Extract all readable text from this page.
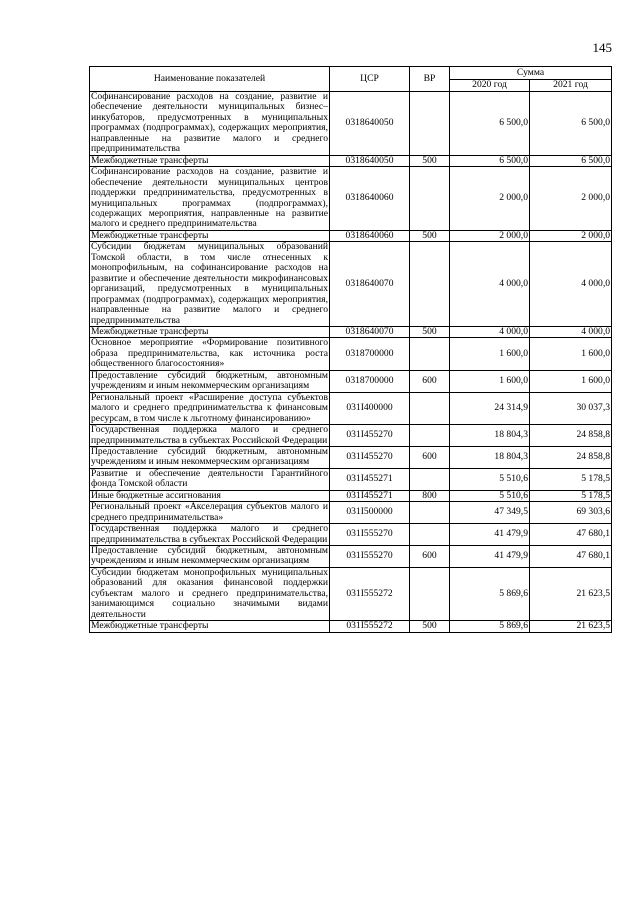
145
Наименование показателей	ЦСР	ВР	Сумма	
			2020 год	2021 год
Софинансирование расходов на создание, развитие и обеспечение деятельности муниципальных бизнес–инкубаторов, предусмотренных в муниципальных программах (подпрограммах), содержащих мероприятия, направленные на развитие малого и среднего предпринимательства	0318640050		6 500,0	6 500,0
Межбюджетные трансферты	0318640050	500	6 500,0	6 500,0
Софинансирование расходов на создание, развитие и обеспечение деятельности муниципальных центров поддержки предпринимательства, предусмотренных в муниципальных программах (подпрограммах), содержащих мероприятия, направленные на развитие малого и среднего предпринимательства	0318640060		2 000,0	2 000,0
Межбюджетные трансферты	0318640060	500	2 000,0	2 000,0
Субсидии бюджетам муниципальных образований Томской области, в том числе отнесенных к монопрофильным, на софинансирование расходов на развитие и обеспечение деятельности микрофинансовых организаций, предусмотренных в муниципальных программах (подпрограммах), содержащих мероприятия, направленные на развитие малого и среднего предпринимательства	0318640070		4 000,0	4 000,0
Межбюджетные трансферты	0318640070	500	4 000,0	4 000,0
Основное мероприятие «Формирование позитивного образа предпринимательства, как источника роста общественного благосостояния»	0318700000		1 600,0	1 600,0
Предоставление субсидий бюджетным, автономным учреждениям и иным некоммерческим организациям	0318700000	600	1 600,0	1 600,0
Региональный проект «Расширение доступа субъектов малого и среднего предпринимательства к финансовым ресурсам, в том числе к льготному финансированию»	031I400000		24 314,9	30 037,3
Государственная поддержка малого и среднего предпринимательства в субъектах Российской Федерации	031I455270		18 804,3	24 858,8
Предоставление субсидий бюджетным, автономным учреждениям и иным некоммерческим организациям	031I455270	600	18 804,3	24 858,8
Развитие и обеспечение деятельности Гарантийного фонда Томской области	031I455271		5 510,6	5 178,5
Иные бюджетные ассигнования	031I455271	800	5 510,6	5 178,5
Региональный проект «Акселерация субъектов малого и среднего предпринимательства»	031I500000		47 349,5	69 303,6
Государственная поддержка малого и среднего предпринимательства в субъектах Российской Федерации	031I555270		41 479,9	47 680,1
Предоставление субсидий бюджетным, автономным учреждениям и иным некоммерческим организациям	031I555270	600	41 479,9	47 680,1
Субсидии бюджетам монопрофильных муниципальных образований для оказания финансовой поддержки субъектам малого и среднего предпринимательства, занимающимся социально значимыми видами деятельности	031I555272		5 869,6	21 623,5
Межбюджетные трансферты	031I555272	500	5 869,6	21 623,5
